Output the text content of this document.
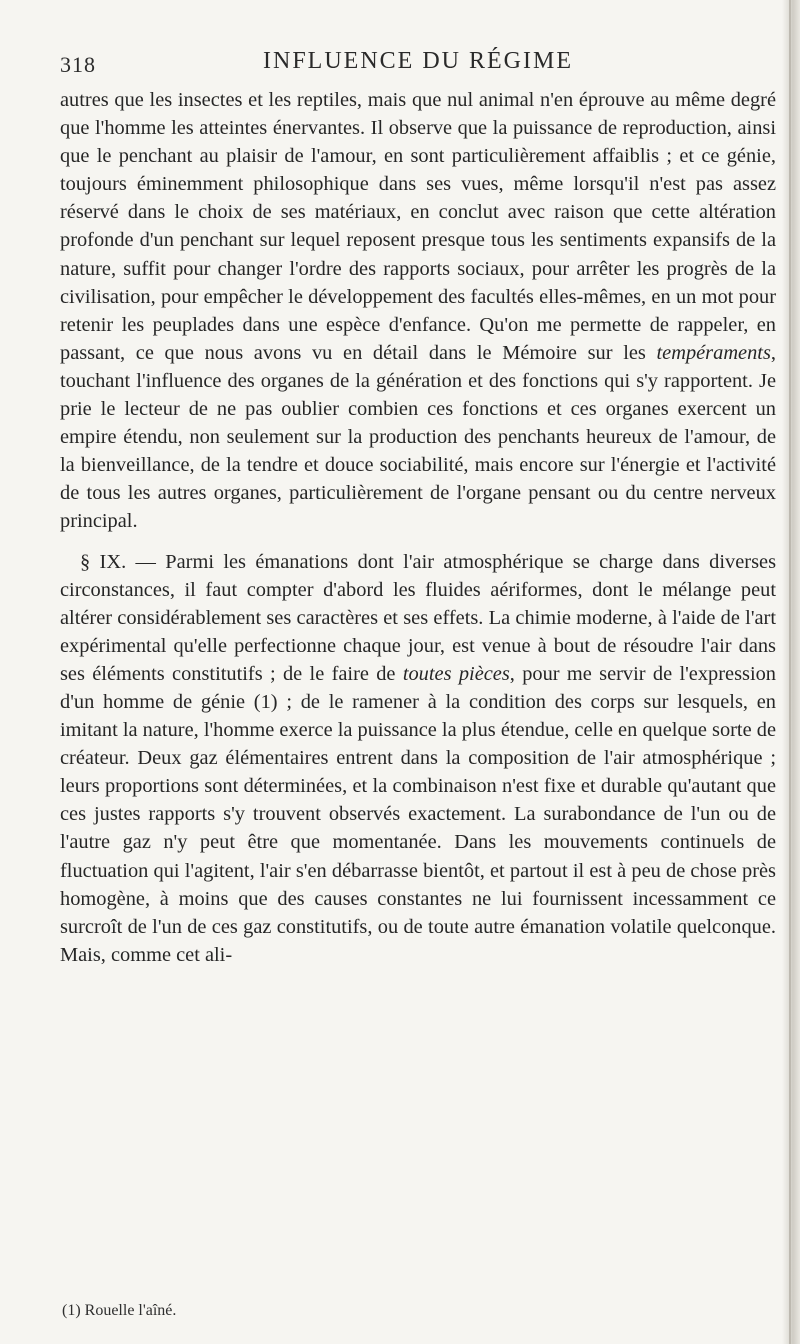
318	INFLUENCE DU RÉGIME

autres que les insectes et les reptiles, mais que nul animal n'en éprouve au même degré que l'homme les atteintes énervantes. Il observe que la puissance de reproduction, ainsi que le penchant au plaisir de l'amour, en sont particulièrement affaiblis ; et ce génie, toujours éminemment philosophique dans ses vues, même lorsqu'il n'est pas assez réservé dans le choix de ses matériaux, en conclut avec raison que cette altération profonde d'un penchant sur lequel reposent presque tous les sentiments expansifs de la nature, suffit pour changer l'ordre des rapports sociaux, pour arrêter les progrès de la civilisation, pour empêcher le développement des facultés elles-mêmes, en un mot pour retenir les peuplades dans une espèce d'enfance. Qu'on me permette de rappeler, en passant, ce que nous avons vu en détail dans le Mémoire sur les tempéraments, touchant l'influence des organes de la génération et des fonctions qui s'y rapportent. Je prie le lecteur de ne pas oublier combien ces fonctions et ces organes exercent un empire étendu, non seulement sur la production des penchants heureux de l'amour, de la bienveillance, de la tendre et douce sociabilité, mais encore sur l'énergie et l'activité de tous les autres organes, particulièrement de l'organe pensant ou du centre nerveux principal.

§ IX. — Parmi les émanations dont l'air atmosphérique se charge dans diverses circonstances, il faut compter d'abord les fluides aériformes, dont le mélange peut altérer considérablement ses caractères et ses effets. La chimie moderne, à l'aide de l'art expérimental qu'elle perfectionne chaque jour, est venue à bout de résoudre l'air dans ses éléments constitutifs ; de le faire de toutes pièces, pour me servir de l'expression d'un homme de génie (1) ; de le ramener à la condition des corps sur lesquels, en imitant la nature, l'homme exerce la puissance la plus étendue, celle en quelque sorte de créateur. Deux gaz élémentaires entrent dans la composition de l'air atmosphérique ; leurs proportions sont déterminées, et la combinaison n'est fixe et durable qu'autant que ces justes rapports s'y trouvent observés exactement. La surabondance de l'un ou de l'autre gaz n'y peut être que momentanée. Dans les mouvements continuels de fluctuation qui l'agitent, l'air s'en débarrasse bientôt, et partout il est à peu de chose près homogène, à moins que des causes constantes ne lui fournissent incessamment ce surcroît de l'un de ces gaz constitutifs, ou de toute autre émanation volatile quelconque. Mais, comme cet ali-

(1) Rouelle l'aîné.
